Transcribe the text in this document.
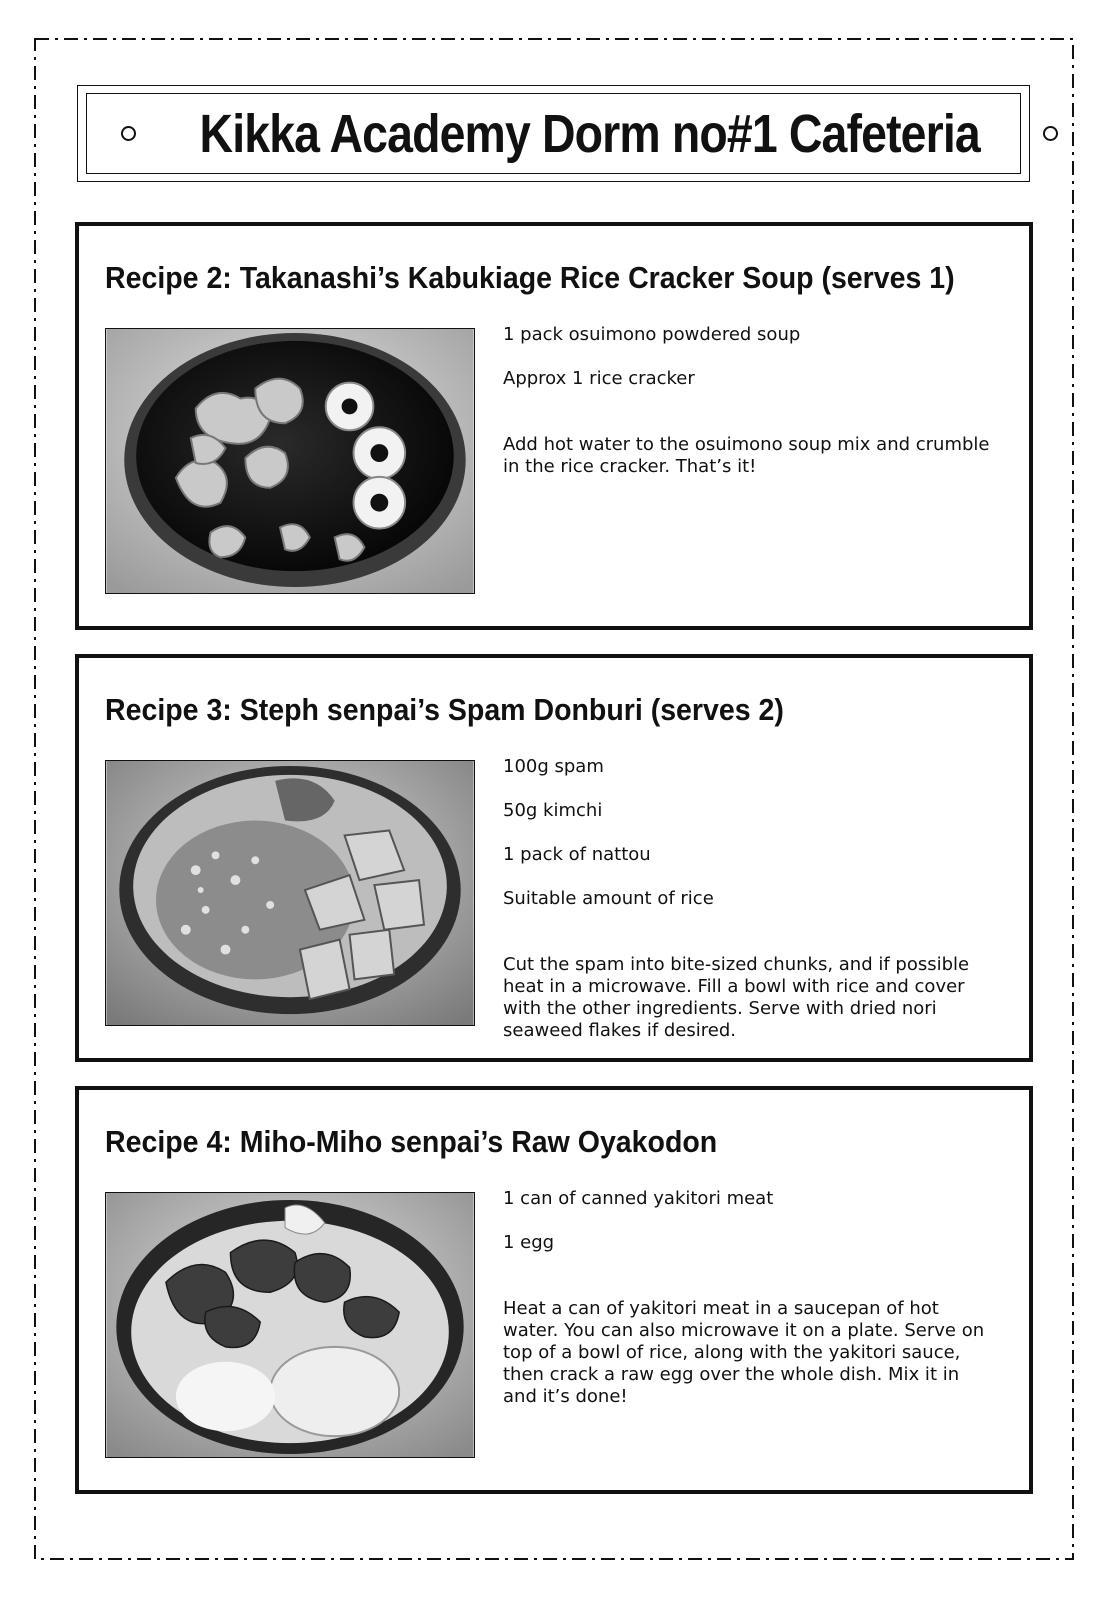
Kikka Academy Dorm no#1 Cafeteria
Recipe 2: Takanashi’s Kabukiage Rice Cracker Soup (serves 1)
1 pack osuimono powdered soup
Approx 1 rice cracker

Add hot water to the osuimono soup mix and crumble in the rice cracker. That’s it!

Recipe 3: Steph senpai’s Spam Donburi (serves 2)
100g spam
50g kimchi
1 pack of nattou
Suitable amount of rice

Cut the spam into bite-sized chunks, and if possible heat in a microwave. Fill a bowl with rice and cover with the other ingredients. Serve with dried nori seaweed flakes if desired.

Recipe 4: Miho-Miho senpai’s Raw Oyakodon
1 can of canned yakitori meat
1 egg

Heat a can of yakitori meat in a saucepan of hot water. You can also microwave it on a plate. Serve on top of a bowl of rice, along with the yakitori sauce, then crack a raw egg over the whole dish. Mix it in and it’s done!
